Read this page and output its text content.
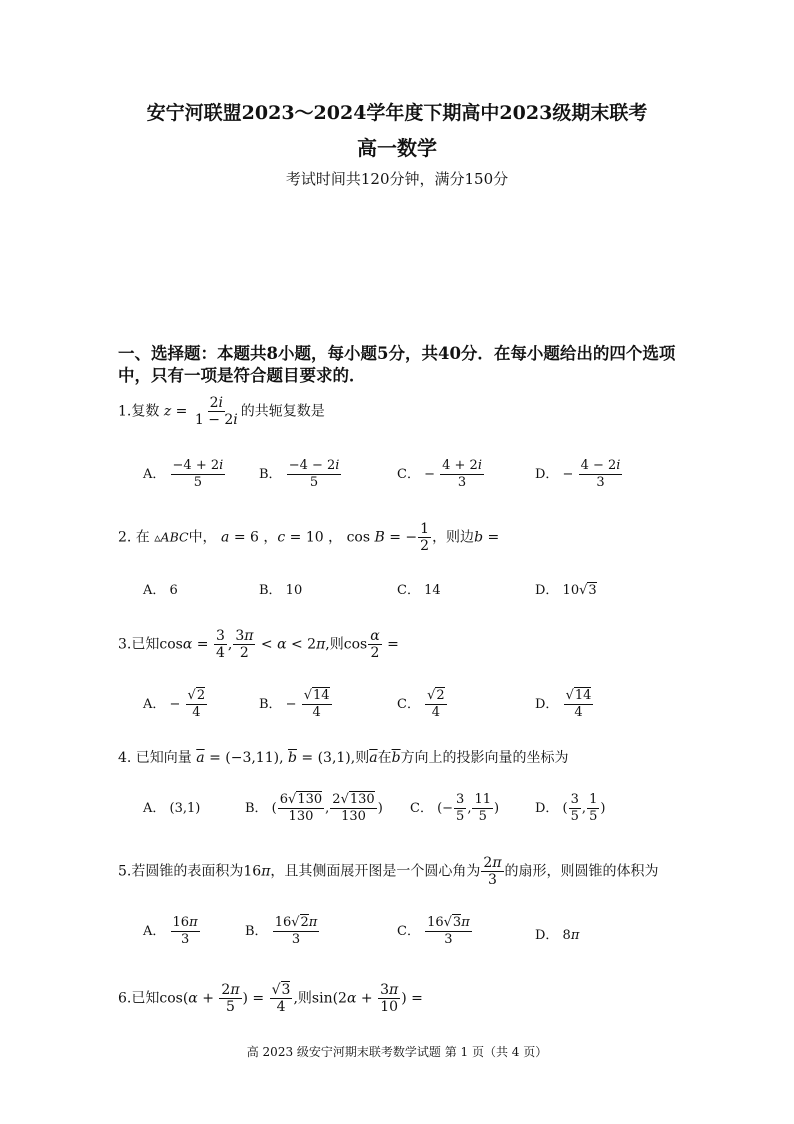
安宁河联盟2023～2024学年度下期高中2023级期末联考
高一数学
考试时间共120分钟，满分150分
一、选择题：本题共8小题，每小题5分，共40分．在每小题给出的四个选项
中，只有一项是符合题目要求的．
1.复数 $z = \frac{2i}{1 - 2i}$ 的共轭复数是
A． $\frac{-4 + 2i}{5}$	B． $\frac{-4 - 2i}{5}$	C． − $\frac{4 + 2i}{3}$	D． − $\frac{4 - 2i}{3}$
2. 在 ▵ABC中， a = 6 ，c = 10 ， cos B = − $\frac{1}{2}$ ，则边b =
A． 6	B． 10	C． 14	D． 10√3
3.已知$\cos\alpha = \frac{3}{4}$ , $\frac{3\pi}{2} < \alpha < 2\pi$,则$\cos \frac{\alpha}{2}$ =
A． − $\frac{√2}{4}$	B． − $\frac{√14}{4}$	C． $\frac{√2}{4}$	D． $\frac{√14}{4}$
4. 已知向量 $\overline{a} = (-3,11)$, $\overline{b} = (3,1)$,则$\overline{a}$在$\overline{b}$方向上的投影向量的坐标为
A． (3,1)	B． ( $\frac{6√130}{130}$ , $\frac{2√130}{130}$ ) C． (− $\frac{3}{5}$ , $\frac{11}{5}$ )	D． ( $\frac{3}{5}$ , $\frac{1}{5}$ )
5.若圆锥的表面积为16π，且其侧面展开图是一个圆心角为 $\frac{2\pi}{3}$ 的扇形，则圆锥的体积为
A． $\frac{16\pi}{3}$	B． $\frac{16√2\pi}{3}$	C． $\frac{16√3\pi}{3}$	D． 8π
6.已知$\cos(\alpha + \frac{2\pi}{5}$ ) = $\frac{√3}{4}$ ,则$\sin(2\alpha + \frac{3\pi}{10}$ ) =
高 2023 级安宁河期末联考数学试题 第 1 页（共 4 页）
